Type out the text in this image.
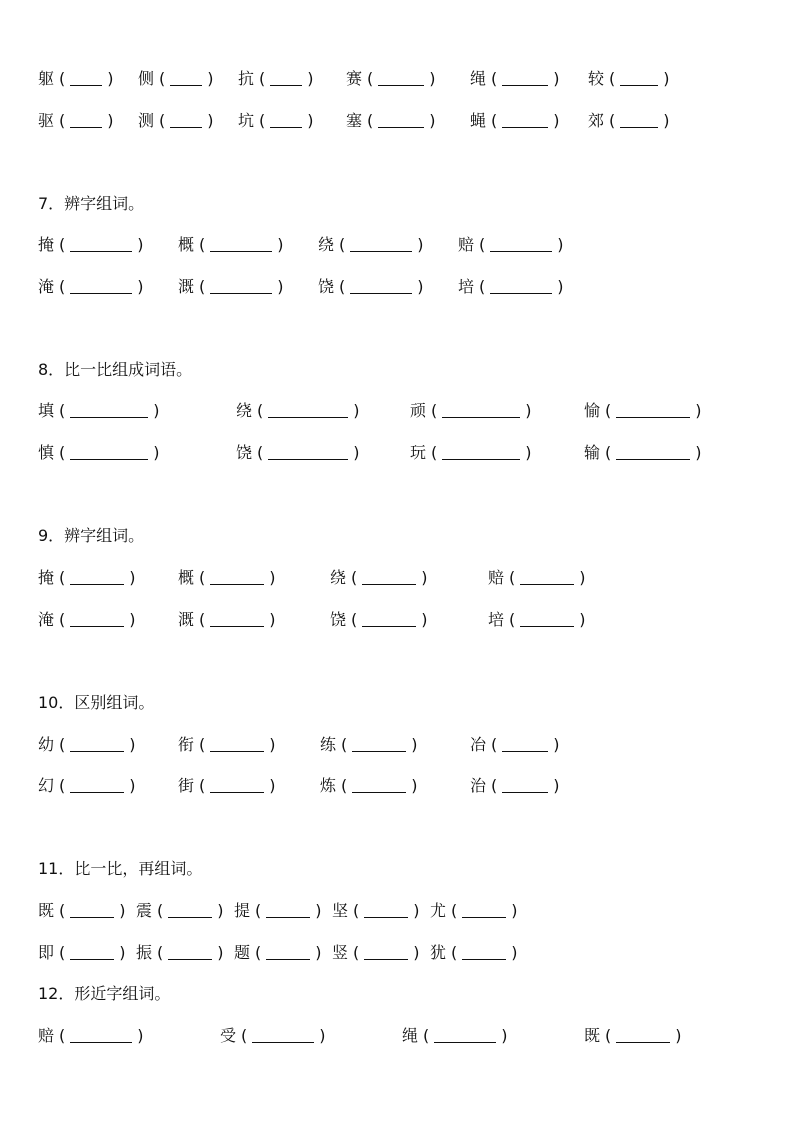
躯 (	)	侧 (	)	抗 (	)	赛 (	)	绳 (	)	较 (	)
驱 (	)	测 (	)	坑 (	)	塞 (	)	蝇 (	)	郊 (	)
7．辨字组词。
掩 (	)	概 (	)	绕 (	)	赔 (	)
淹 (	)	溉 (	)	饶 (	)	培 (	)
8．比一比组成词语。
填 (	)	绕 (	)	顽 (	)	愉 (	)
慎 (	)	饶 (	)	玩 (	)	输 (	)
9．辨字组词。
掩 (	)	概 (	)	绕 (	)	赔 (	)
淹 (	)	溉 (	)	饶 (	)	培 (	)
10．区别组词。
幼 (	)	衔 (	)	练 (	)	冶 (	)
幻 (	)	街 (	)	炼 (	)	治 (	)
11．比一比，再组词。
既 (	) 震 (	) 提 (	) 坚 (	) 尤 (	)
即 (	) 振 (	) 题 (	) 竖 (	) 犹 (	)
12．形近字组词。
赔 (	)	受 (	)	绳 (	)	既 (	)
